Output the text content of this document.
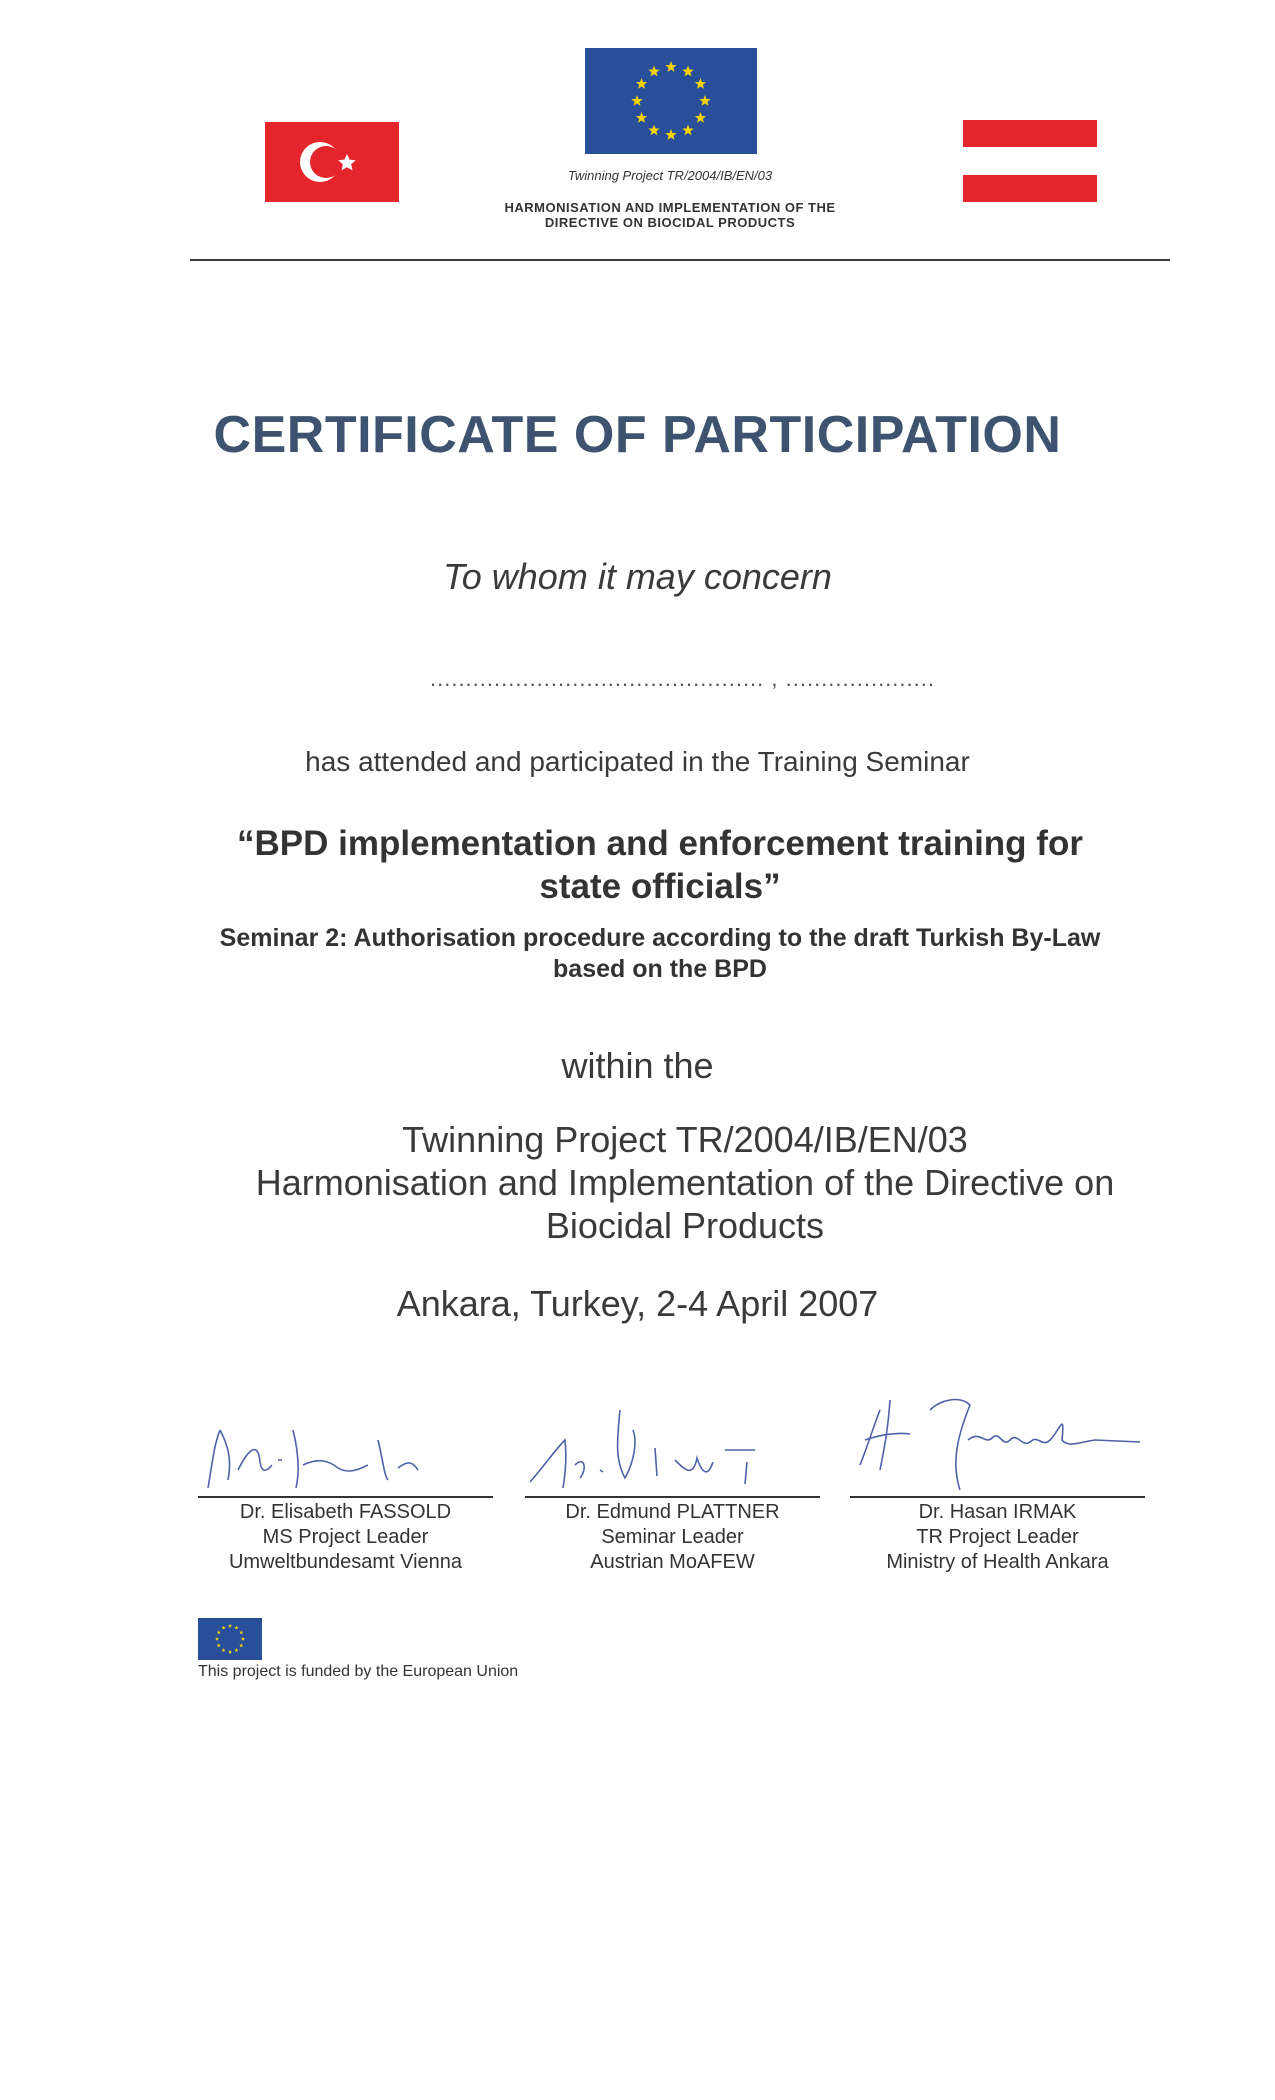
Twinning Project TR/2004/IB/EN/03
HARMONISATION AND IMPLEMENTATION OF THE
DIRECTIVE ON BIOCIDAL PRODUCTS
CERTIFICATE OF PARTICIPATION
To whom it may concern
............................................... , .....................
has attended and participated in the Training Seminar
“BPD implementation and enforcement training for
state officials”
Seminar 2: Authorisation procedure according to the draft Turkish By-Law
based on the BPD
within the
Twinning Project TR/2004/IB/EN/03
Harmonisation and Implementation of the Directive on
Biocidal Products
Ankara, Turkey, 2-4 April 2007
Dr. Elisabeth FASSOLD
MS Project Leader
Umweltbundesamt Vienna
Dr. Edmund PLATTNER
Seminar Leader
Austrian MoAFEW
Dr. Hasan IRMAK
TR Project Leader
Ministry of Health Ankara
This project is funded by the European Union
